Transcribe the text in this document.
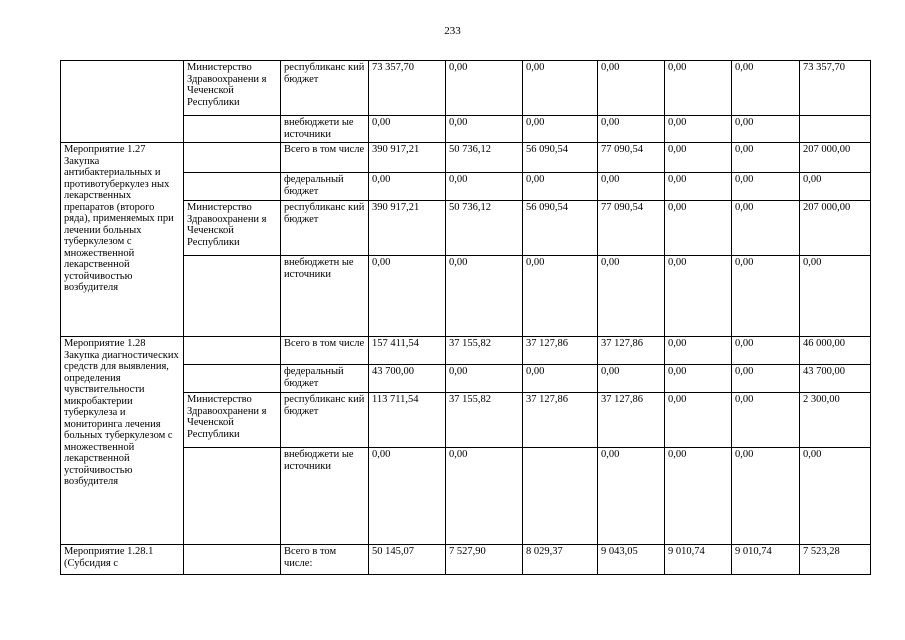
233
	Министерство Здравоохранени я Чеченской Республики	республиканс кий бюджет	73 357,70	0,00	0,00	0,00	0,00	0,00	73 357,70
		внебюджети ые источники	0,00	0,00	0,00	0,00	0,00	0,00	
Мероприятие 1.27 Закупка антибактериальных и противотуберкулез ных лекарственных препаратов (второго ряда), применяемых при лечении больных туберкулезом с множественной лекарственной устойчивостью возбудителя		Всего в том числе	390 917,21	50 736,12	56 090,54	77 090,54	0,00	0,00	207 000,00
		федеральный бюджет	0,00	0,00	0,00	0,00	0,00	0,00	0,00
	Министерство Здравоохранени я Чеченской Республики	республиканс кий бюджет	390 917,21	50 736,12	56 090,54	77 090,54	0,00	0,00	207 000,00
		внебюджетн ые источники	0,00	0,00	0,00	0,00	0,00	0,00	0,00
Мероприятие 1.28 Закупка диагностических средств для выявления, определения чувствительности микробактерии туберкулеза и мониторинга лечения больных туберкулезом с множественной лекарственной устойчивостью возбудителя		Всего в том числе	157 411,54	37 155,82	37 127,86	37 127,86	0,00	0,00	46 000,00
		федеральный бюджет	43 700,00	0,00	0,00	0,00	0,00	0,00	43 700,00
	Министерство Здравоохранени я Чеченской Республики	республиканс кий бюджет	113 711,54	37 155,82	37 127,86	37 127,86	0,00	0,00	2 300,00
		внебюджети ые источники	0,00	0,00		0,00	0,00	0,00	0,00
Мероприятие 1.28.1 (Субсидия с		Всего в том числе:	50 145,07	7 527,90	8 029,37	9 043,05	9 010,74	9 010,74	7 523,28
